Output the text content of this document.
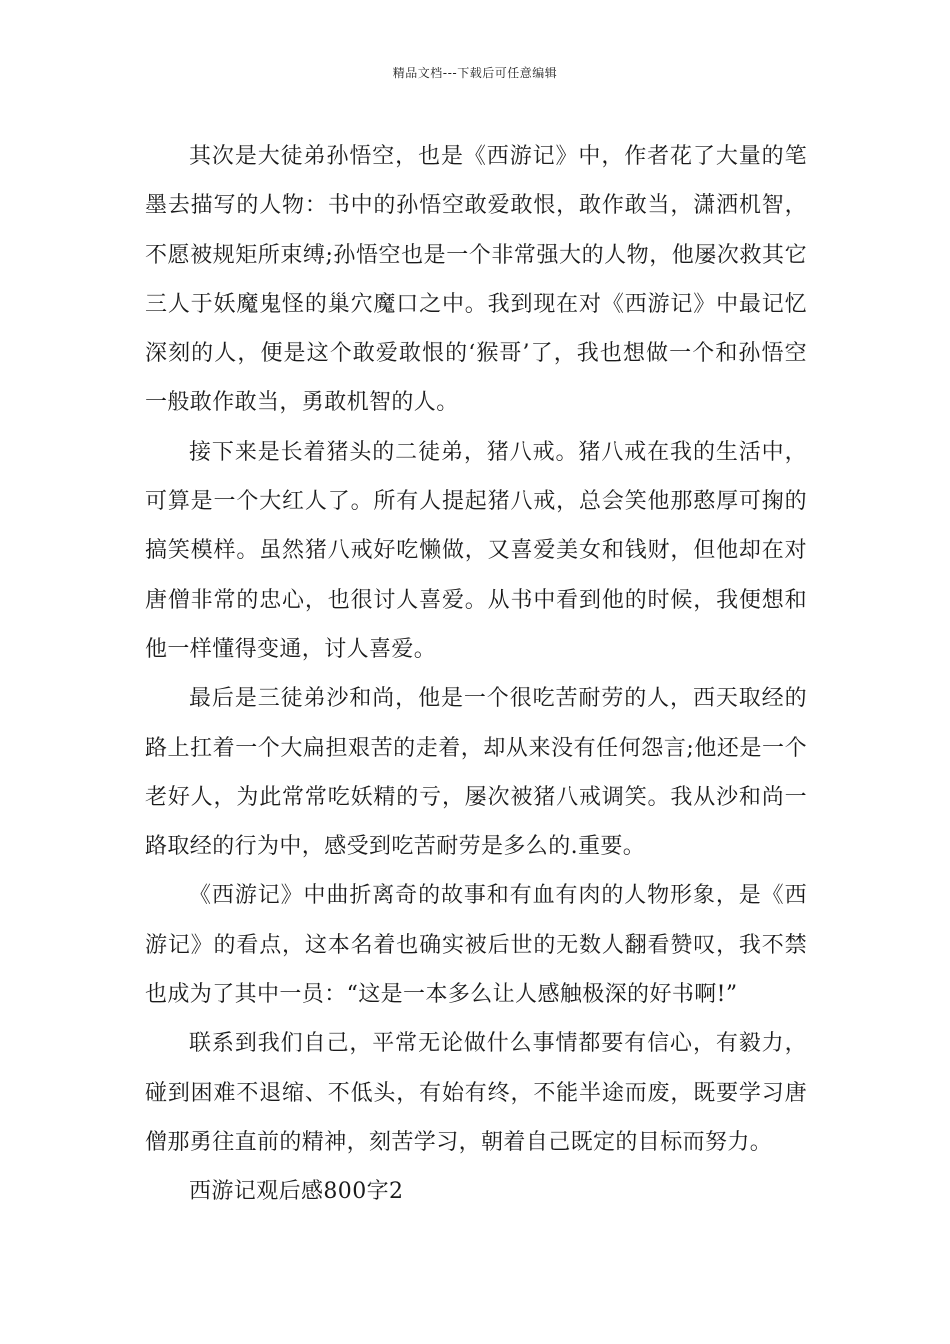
精品文档---下载后可任意编辑

其次是大徒弟孙悟空，也是《西游记》中，作者花了大量的笔墨去描写的人物：书中的孙悟空敢爱敢恨，敢作敢当，潇洒机智，不愿被规矩所束缚;孙悟空也是一个非常强大的人物，他屡次救其它三人于妖魔鬼怪的巢穴魔口之中。我到现在对《西游记》中最记忆深刻的人，便是这个敢爱敢恨的‘猴哥’了，我也想做一个和孙悟空一般敢作敢当，勇敢机智的人。

接下来是长着猪头的二徒弟，猪八戒。猪八戒在我的生活中，可算是一个大红人了。所有人提起猪八戒，总会笑他那憨厚可掬的搞笑模样。虽然猪八戒好吃懒做，又喜爱美女和钱财，但他却在对唐僧非常的忠心，也很讨人喜爱。从书中看到他的时候，我便想和他一样懂得变通，讨人喜爱。

最后是三徒弟沙和尚，他是一个很吃苦耐劳的人，西天取经的路上扛着一个大扁担艰苦的走着，却从来没有任何怨言;他还是一个老好人，为此常常吃妖精的亏，屡次被猪八戒调笑。我从沙和尚一路取经的行为中，感受到吃苦耐劳是多么的.重要。

《西游记》中曲折离奇的故事和有血有肉的人物形象，是《西游记》的看点，这本名着也确实被后世的无数人翻看赞叹，我不禁也成为了其中一员：“这是一本多么让人感触极深的好书啊!”

联系到我们自己，平常无论做什么事情都要有信心，有毅力，碰到困难不退缩、不低头，有始有终，不能半途而废，既要学习唐僧那勇往直前的精神，刻苦学习，朝着自己既定的目标而努力。

西游记观后感800字2
